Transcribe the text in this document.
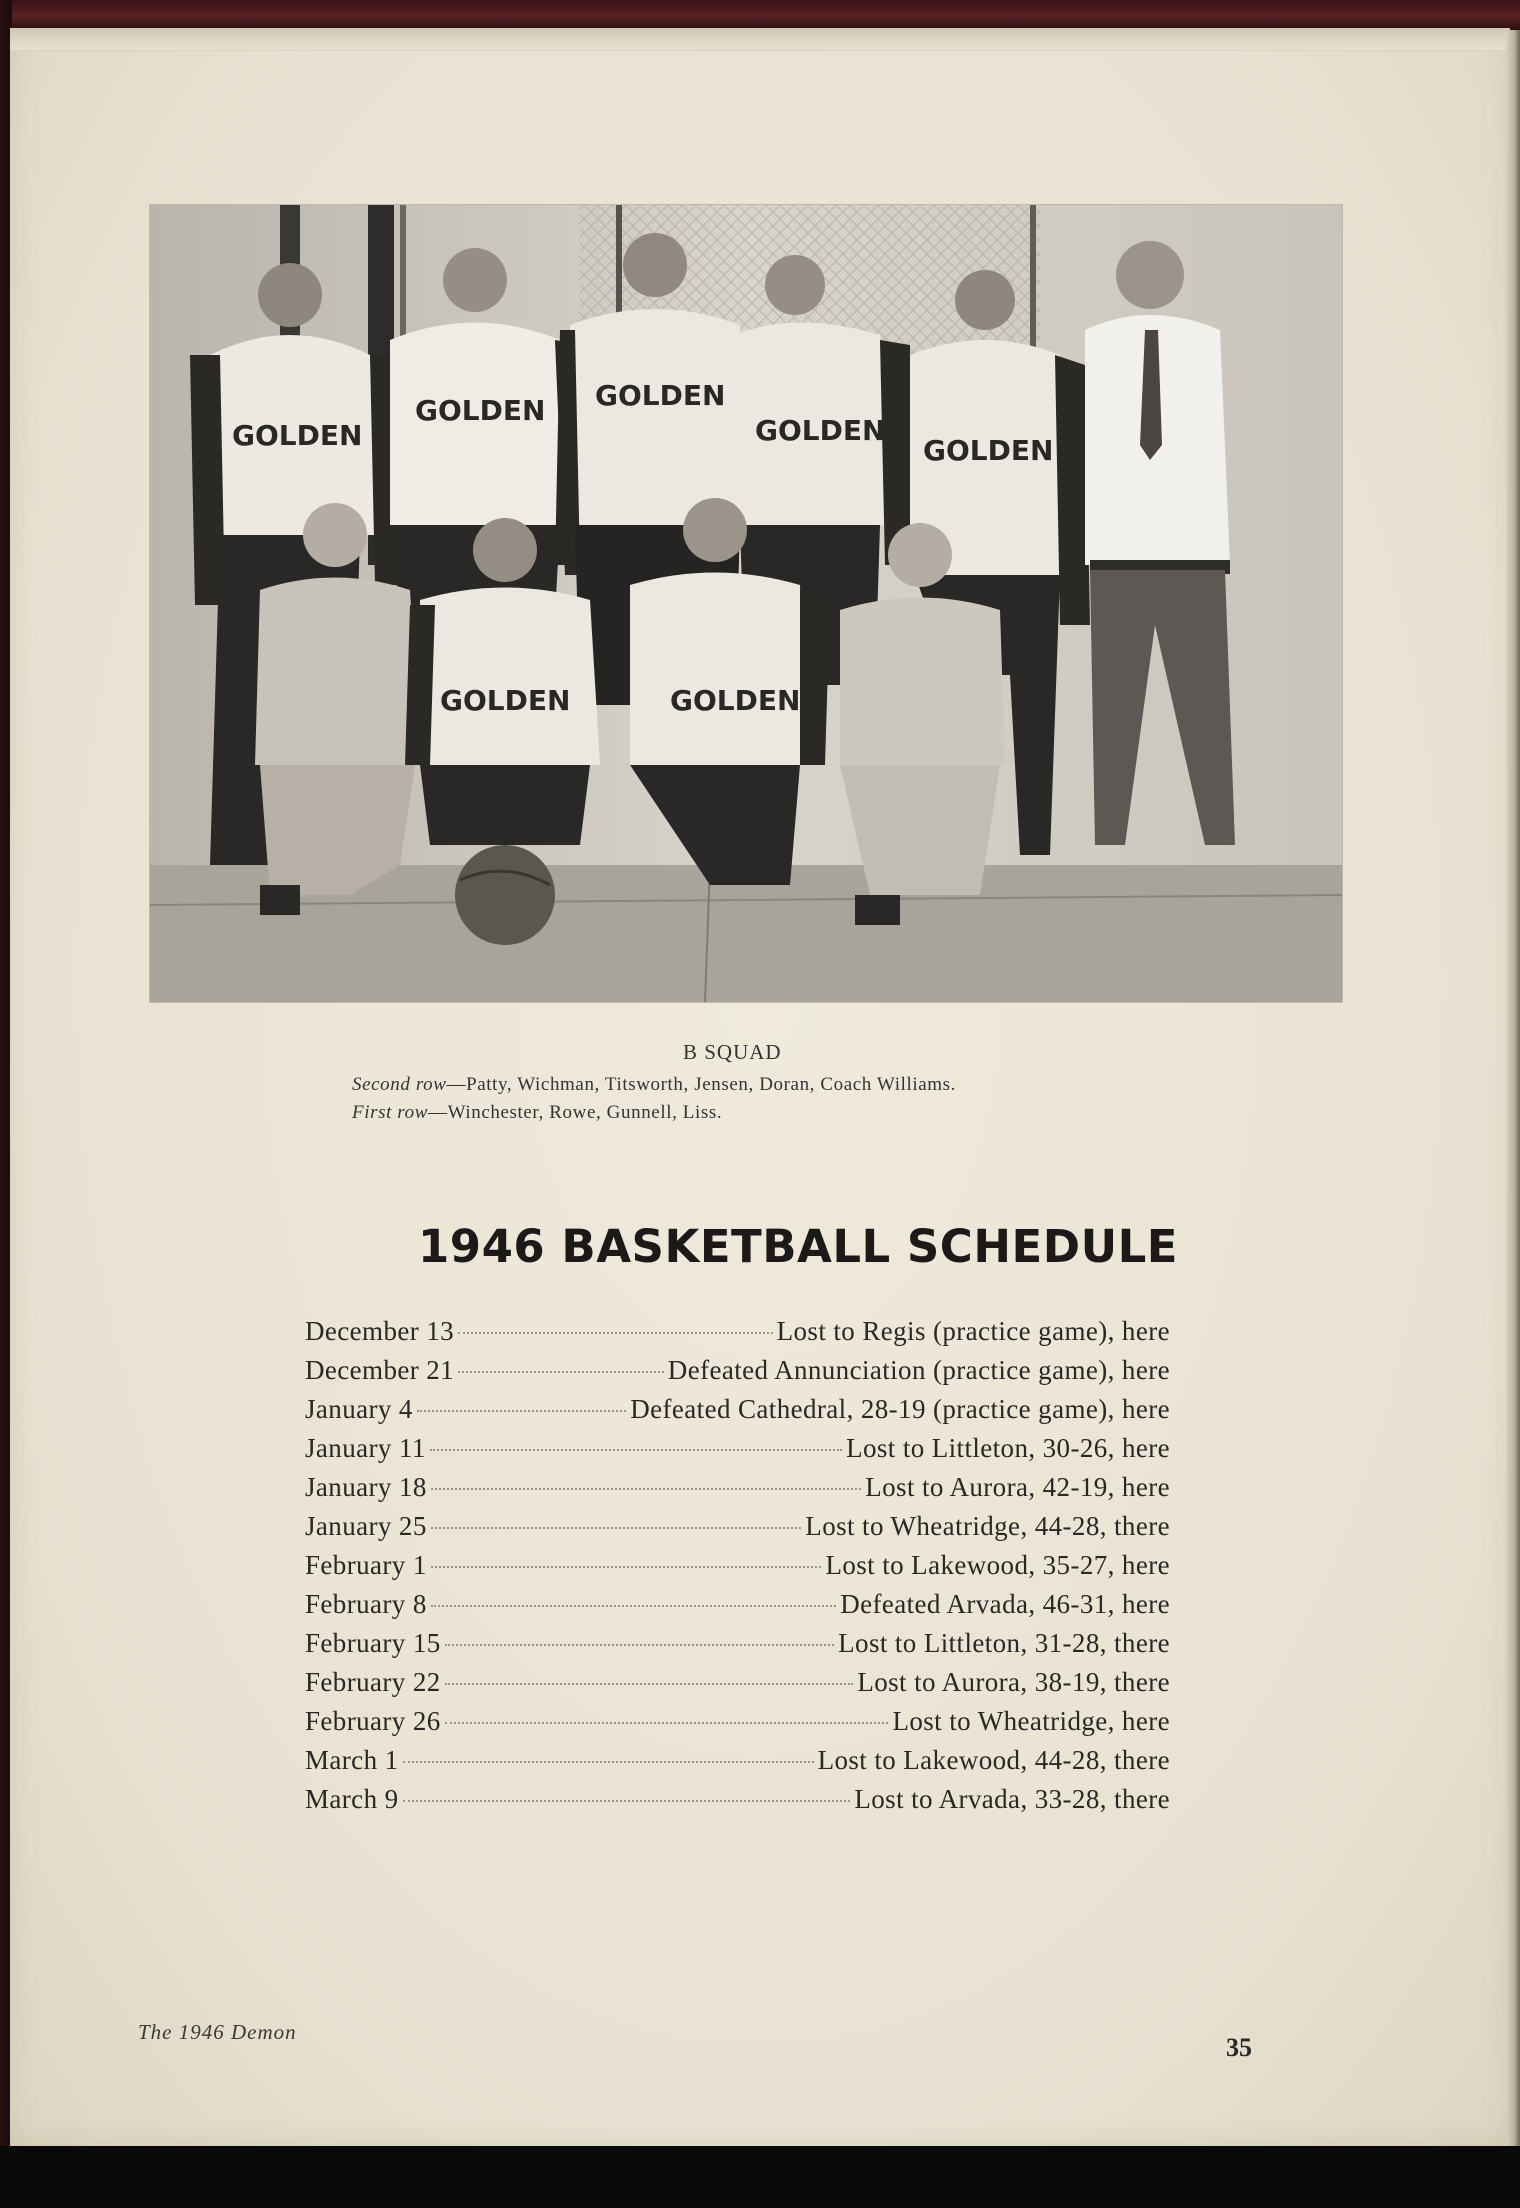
GOLDEN
GOLDEN GOLDEN
GOLDEN
GOLDEN
GOLDEN	GOLDEN
B SQUAD
Second row—Patty, Wichman, Titsworth, Jensen, Doran, Coach Williams.
First row—Winchester, Rowe, Gunnell, Liss.
1946 BASKETBALL SCHEDULE
December 13	Lost to Regis (practice game), here
December 21	Defeated Annunciation (practice game), here
January 4	Defeated Cathedral, 28-19 (practice game), here
January 11	Lost to Littleton, 30-26, here
January 18	Lost to Aurora, 42-19, here
January 25	Lost to Wheatridge, 44-28, there
February 1	Lost to Lakewood, 35-27, here
February 8	Defeated Arvada, 46-31, here
February 15	Lost to Littleton, 31-28, there
February 22	Lost to Aurora, 38-19, there
February 26	Lost to Wheatridge, here
March 1	Lost to Lakewood, 44-28, there
March 9	Lost to Arvada, 33-28, there
The 1946 Demon
35
